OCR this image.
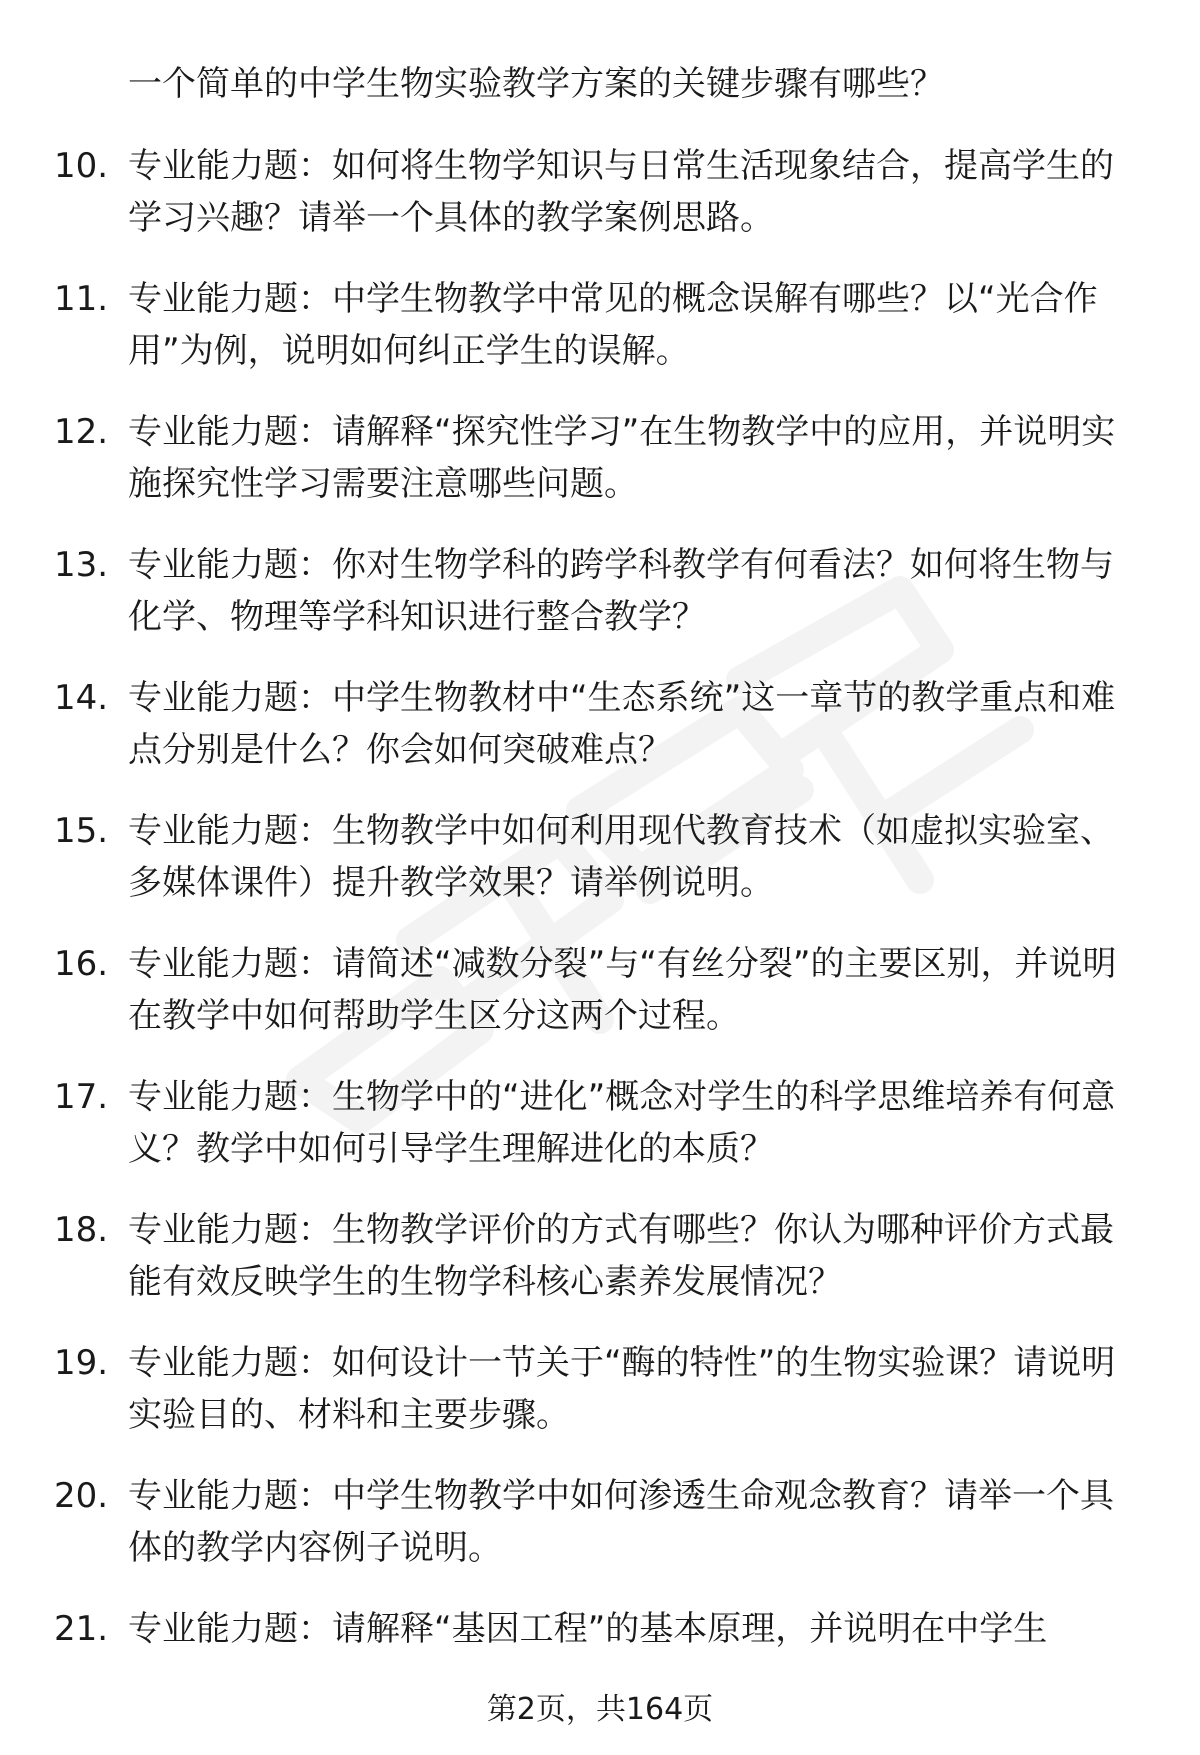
一个简单的中学生物实验教学方案的关键步骤有哪些？

10. 专业能力题：如何将生物学知识与日常生活现象结合，提高学生的学习兴趣？请举一个具体的教学案例思路。

11. 专业能力题：中学生物教学中常见的概念误解有哪些？以“光合作用”为例，说明如何纠正学生的误解。

12. 专业能力题：请解释“探究性学习”在生物教学中的应用，并说明实施探究性学习需要注意哪些问题。

13. 专业能力题：你对生物学科的跨学科教学有何看法？如何将生物与化学、物理等学科知识进行整合教学？

14. 专业能力题：中学生物教材中“生态系统”这一章节的教学重点和难点分别是什么？你会如何突破难点？

15. 专业能力题：生物教学中如何利用现代教育技术（如虚拟实验室、多媒体课件）提升教学效果？请举例说明。

16. 专业能力题：请简述“减数分裂”与“有丝分裂”的主要区别，并说明在教学中如何帮助学生区分这两个过程。

17. 专业能力题：生物学中的“进化”概念对学生的科学思维培养有何意义？教学中如何引导学生理解进化的本质？

18. 专业能力题：生物教学评价的方式有哪些？你认为哪种评价方式最能有效反映学生的生物学科核心素养发展情况？

19. 专业能力题：如何设计一节关于“酶的特性”的生物实验课？请说明实验目的、材料和主要步骤。

20. 专业能力题：中学生物教学中如何渗透生命观念教育？请举一个具体的教学内容例子说明。

21. 专业能力题：请解释“基因工程”的基本原理，并说明在中学生

第2页，共164页
